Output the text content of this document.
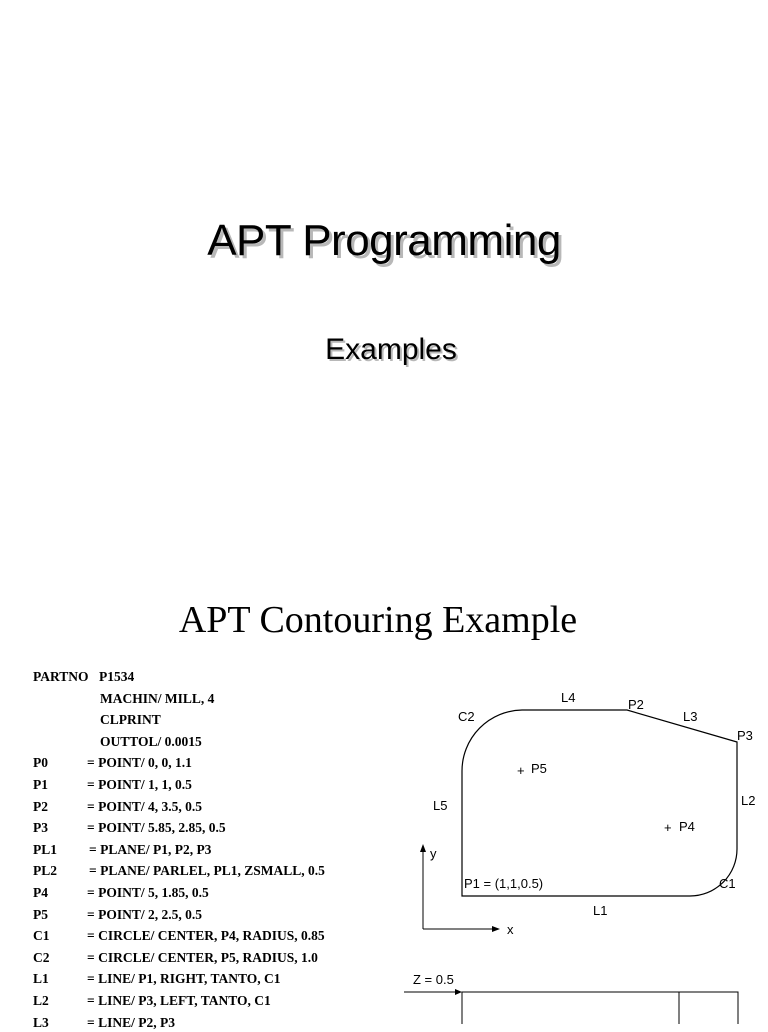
APT Programming
Examples
APT Contouring Example
PARTNO P1534
MACHIN/ MILL, 4
CLPRINT
OUTTOL/ 0.0015
P0	= POINT/ 0, 0, 1.1
P1	= POINT/ 1, 1, 0.5
P2	= POINT/ 4, 3.5, 0.5
P3	= POINT/ 5.85, 2.85, 0.5
PL1 = PLANE/ P1, P2, P3
PL2 = PLANE/ PARLEL, PL1, ZSMALL, 0.5
P4	= POINT/ 5, 1.85, 0.5
P5	= POINT/ 2, 2.5, 0.5
C1	= CIRCLE/ CENTER, P4, RADIUS, 0.85
C2	= CIRCLE/ CENTER, P5, RADIUS, 1.0
L1	= LINE/ P1, RIGHT, TANTO, C1
L2	= LINE/ P3, LEFT, TANTO, C1
L3	= LINE/ P2, P3
+
+
L4	P2
L3
C2
P3
P5
L5	L2
P4
y
P1 = (1,1,0.5)	C1
L1
x
Z = 0.5
